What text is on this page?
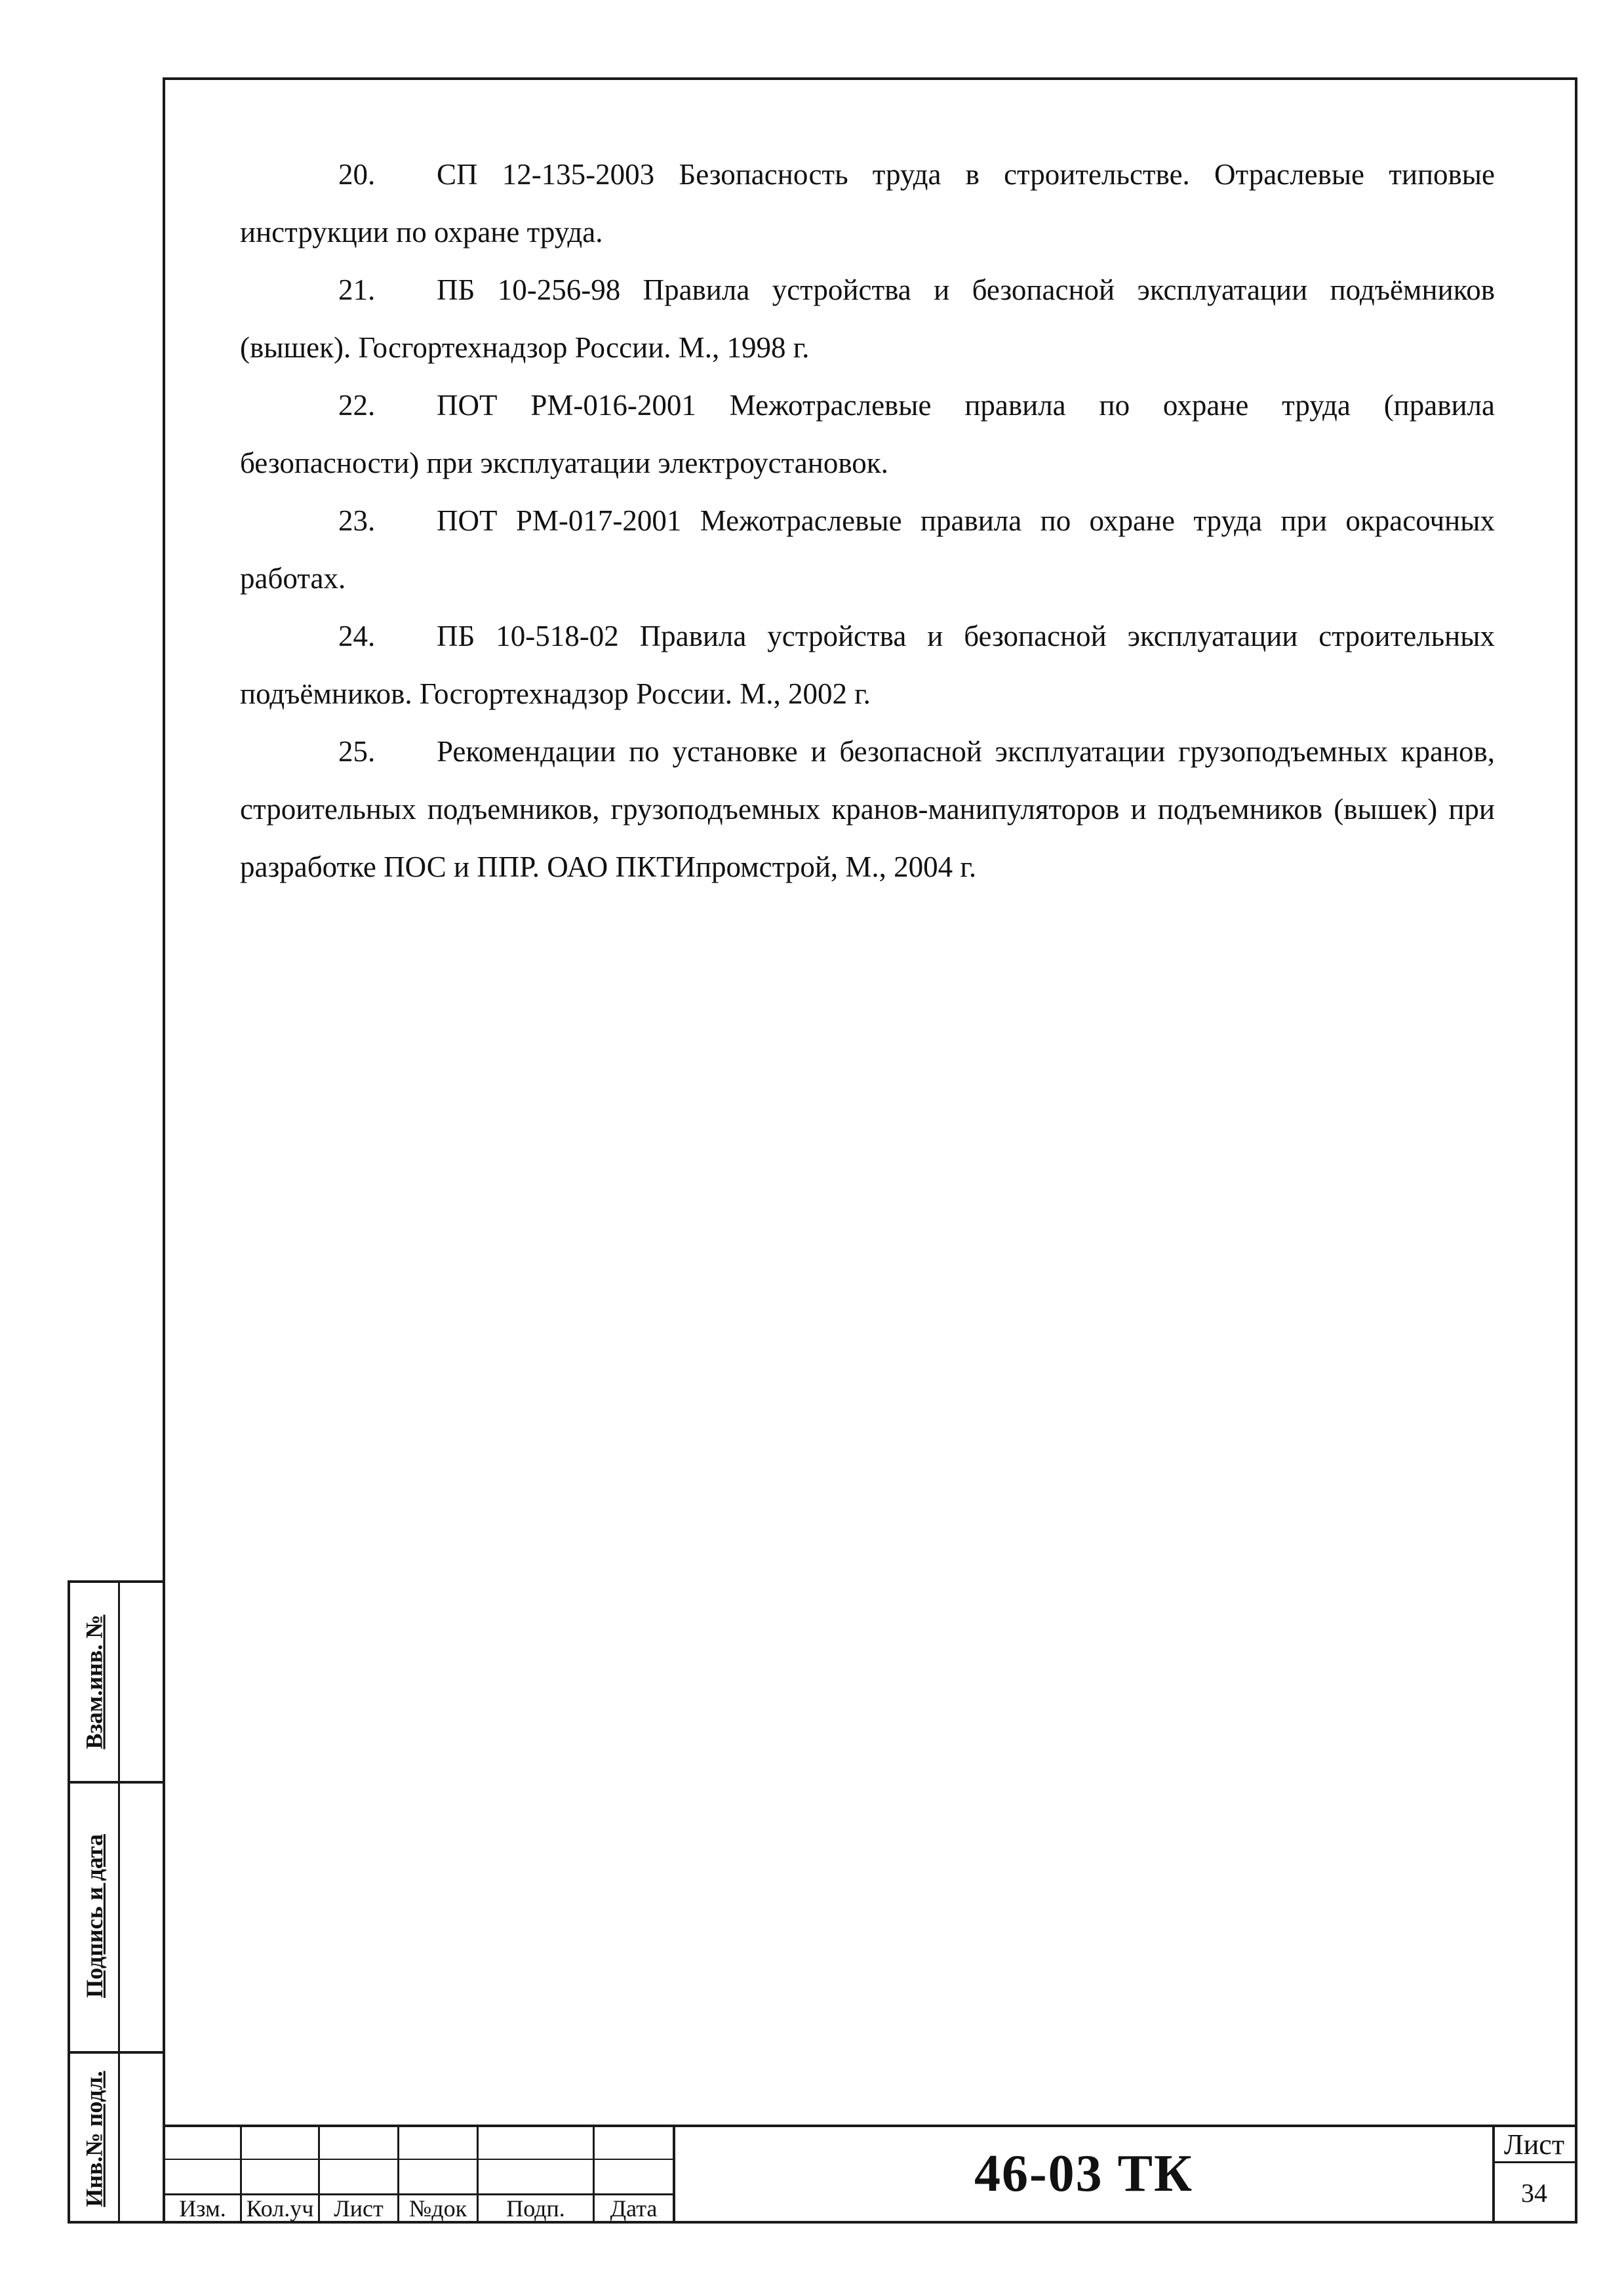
20. СП 12-135-2003 Безопасность труда в строительстве. Отраслевые типовые инструкции по охране труда.

21. ПБ 10-256-98 Правила устройства и безопасной эксплуатации подъёмников (вышек). Госгортехнадзор России. М., 1998 г.

22. ПОТ РМ-016-2001 Межотраслевые правила по охране труда (правила безопасности) при эксплуатации электроустановок.

23. ПОТ РМ-017-2001 Межотраслевые правила по охране труда при окрасочных работах.

24. ПБ 10-518-02 Правила устройства и безопасной эксплуатации строительных подъёмников. Госгортехнадзор России. М., 2002 г.

25. Рекомендации по установке и безопасной эксплуатации грузоподъемных кранов, строительных подъемников, грузоподъемных кранов-манипуляторов и подъемников (вышек) при разработке ПОС и ППР. ОАО ПКТИпромстрой, М., 2004 г.

Взам.инв. №
Подпись и дата
Инв.№ подл.
Изм. Кол.уч Лист	№док	Подп.	Дата
46-03 ТК
Лист
34
